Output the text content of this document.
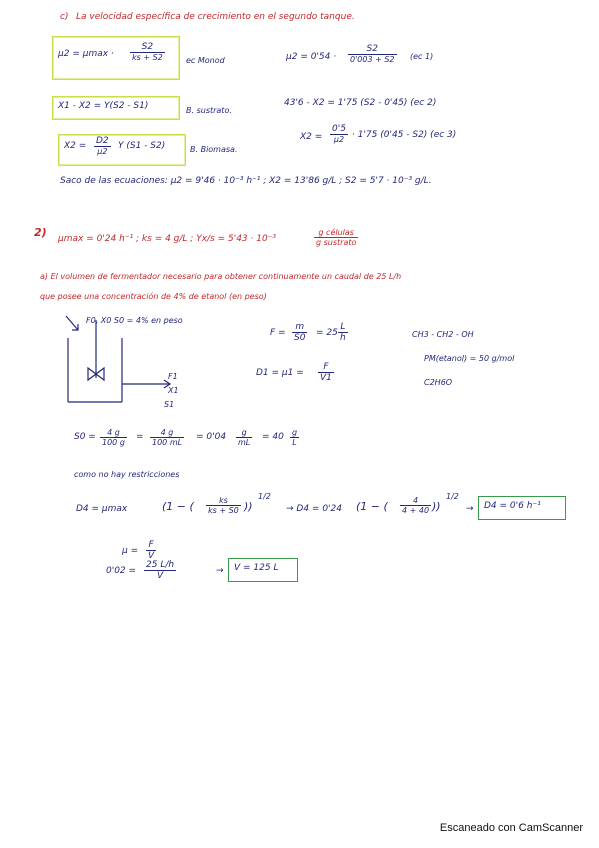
c) La velocidad específica de crecimiento en el segundo tanque.
$\mu 2 = \mu\max \cdot \frac{S2}{ks + S2}$	ec Monod	$\mu 2 = 0'54 \cdot \frac{S2}{0'003 + S2} (ec$ 1)
X1 - X2 = Y(S2 - S1)	B. sustrato.
43'6 - X2 = 1'75 (S2 - 0'45) (ec 2)
$X2 = \frac{D2}{\mu 2}$ Y (S1 - S2)	B. Biomasa.
$X2 = \frac{0'5}{\mu 2} \cdot 1'75$ (0'45 - S2) (ec 3)
Saco de las ecuaciones: μ2 = 9'46 · 10⁻³ h⁻¹ ; X2 = 13'86 g/L ; S2 = 5'7 · 10⁻³ g/L.
2) μmax = 0'24 h⁻¹ ; ks = 4 g/L ; Yx/s = 5'43 · 10⁻³
g células
g sustrato
a) El volumen de fermentador necesario para obtener continuamente un caudal de 25 L/h
que posee una concentración de 4% de etanol (en peso)
F0, X0 S0 = 4% en peso
F1
X1
S1
$F = \frac{m}{S0} = 25 \frac{L}{h}$
$D1 = \mu 1 = \frac{F}{V1}$
CH3 - CH2 - OH
PM(etanol) = 50 g/mol
C2H6O
$S0 = \frac{4 g}{100 g} = \frac{4 g}{100 mL} = 0'04 \frac{g}{mL} = 40 \frac{g}{L}$
como no hay restricciones
D4 = μmax	(1 − ( $\frac{ks}{ks + S0}$ ))
1/2
→ D4 = 0'24 (1 − ( $\frac{4}{4 + 40}$ ))
1/2
→ D4 = 0'6 h⁻¹
$\mu = \frac{F}{V}$
$0'02 = \frac{25 L/h}{V}$	→ V = 125 L
Escaneado con CamScanner
